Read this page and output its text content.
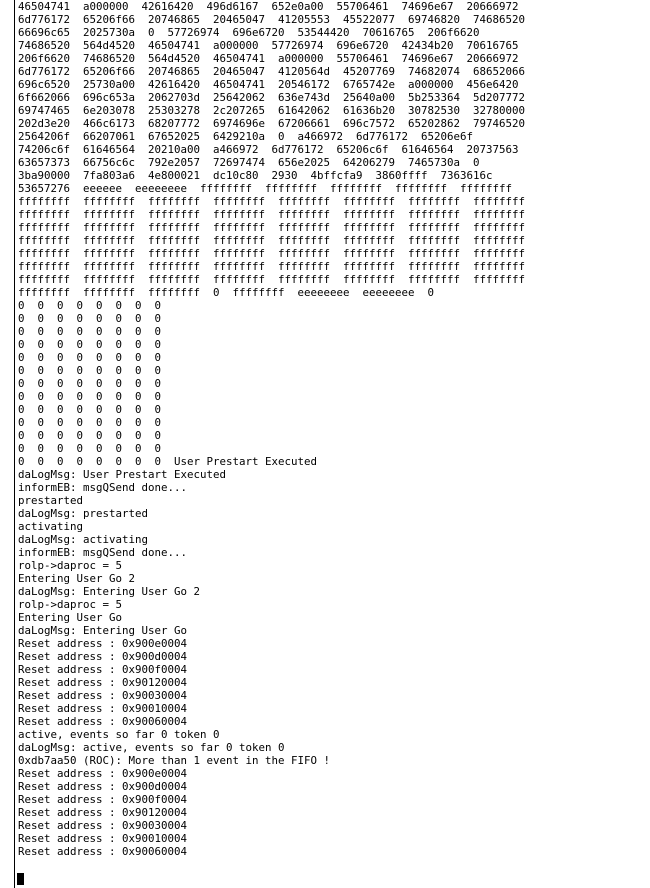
46504741  a000000  42616420  496d6167  652e0a00  55706461  74696e67  20666972
6d776172  65206f66  20746865  20465047  41205553  45522077  69746820  74686520
66696c65  2025730a  0  57726974  696e6720  53544420  70616765  206f6620
74686520  564d4520  46504741  a000000  57726974  696e6720  42434b20  70616765
206f6620  74686520  564d4520  46504741  a000000  55706461  74696e67  20666972
6d776172  65206f66  20746865  20465047  4120564d  45207769  74682074  68652066
696c6520  25730a00  42616420  46504741  20546172  6765742e  a000000  456e6420
6f662066  696c653a  2062703d  25642062  636e743d  25640a00  5b253364  5d207772
69747465  6e203078  25303278  2c207265  61642062  61636b20  30782530  32780000
202d3e20  466c6173  68207772  6974696e  67206661  696c7572  65202862  79746520
2564206f  66207061  67652025  6429210a  0  a466972  6d776172  65206e6f
74206c6f  61646564  20210a00  a466972  6d776172  65206c6f  61646564  20737563
63657373  66756c6c  792e2057  72697474  656e2025  64206279  7465730a  0
3ba90000  7fa803a6  4e800021  dc10c80  2930  4bffcfa9  3860ffff  7363616c
53657276  eeeeee  eeeeeeee  ffffffff  ffffffff  ffffffff  ffffffff  ffffffff
ffffffff  ffffffff  ffffffff  ffffffff  ffffffff  ffffffff  ffffffff  ffffffff
ffffffff  ffffffff  ffffffff  ffffffff  ffffffff  ffffffff  ffffffff  ffffffff
ffffffff  ffffffff  ffffffff  ffffffff  ffffffff  ffffffff  ffffffff  ffffffff
ffffffff  ffffffff  ffffffff  ffffffff  ffffffff  ffffffff  ffffffff  ffffffff
ffffffff  ffffffff  ffffffff  ffffffff  ffffffff  ffffffff  ffffffff  ffffffff
ffffffff  ffffffff  ffffffff  ffffffff  ffffffff  ffffffff  ffffffff  ffffffff
ffffffff  ffffffff  ffffffff  ffffffff  ffffffff  ffffffff  ffffffff  ffffffff
ffffffff  ffffffff  ffffffff  0  ffffffff  eeeeeeee  eeeeeeee  0
0  0  0  0  0  0  0  0
0  0  0  0  0  0  0  0
0  0  0  0  0  0  0  0
0  0  0  0  0  0  0  0
0  0  0  0  0  0  0  0
0  0  0  0  0  0  0  0
0  0  0  0  0  0  0  0
0  0  0  0  0  0  0  0
0  0  0  0  0  0  0  0
0  0  0  0  0  0  0  0
0  0  0  0  0  0  0  0
0  0  0  0  0  0  0  0
0  0  0  0  0  0  0  0  User Prestart Executed
daLogMsg: User Prestart Executed
informEB: msgQSend done...
prestarted
daLogMsg: prestarted
activating
daLogMsg: activating
informEB: msgQSend done...
rolp->daproc = 5
Entering User Go 2
daLogMsg: Entering User Go 2
rolp->daproc = 5
Entering User Go
daLogMsg: Entering User Go
Reset address : 0x900e0004
Reset address : 0x900d0004
Reset address : 0x900f0004
Reset address : 0x90120004
Reset address : 0x90030004
Reset address : 0x90010004
Reset address : 0x90060004
active, events so far 0 token 0
daLogMsg: active, events so far 0 token 0
0xdb7aa50 (ROC): More than 1 event in the FIFO !
Reset address : 0x900e0004
Reset address : 0x900d0004
Reset address : 0x900f0004
Reset address : 0x90120004
Reset address : 0x90030004
Reset address : 0x90010004
Reset address : 0x90060004
